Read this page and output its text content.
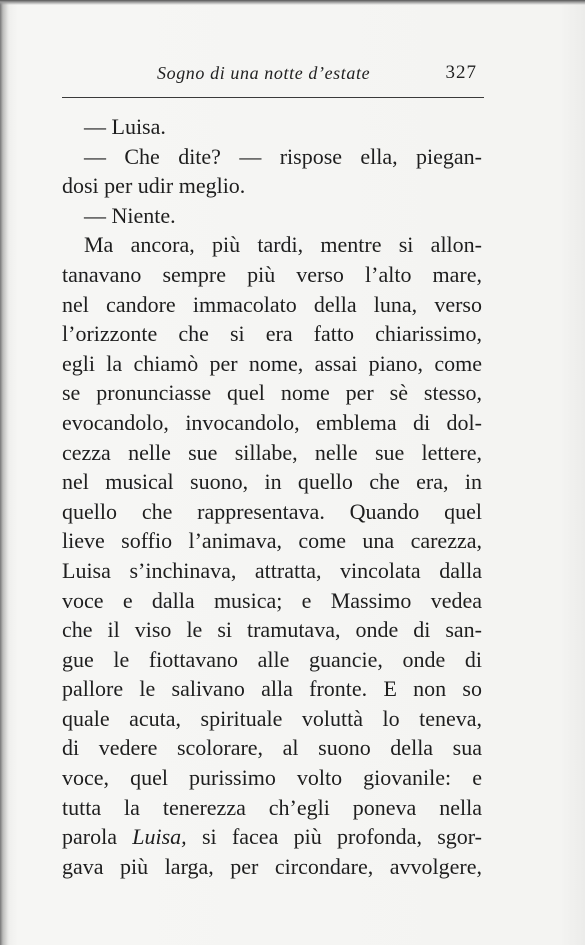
Sogno di una notte d’estate	327
— Luisa.
— Che dite? — rispose ella, piegan-
dosi per udir meglio.
— Niente.
Ma ancora, più tardi, mentre si allon-
tanavano sempre più verso l’alto mare,
nel candore immacolato della luna, verso
l’orizzonte che si era fatto chiarissimo,
egli la chiamò per nome, assai piano, come
se pronunciasse quel nome per sè stesso,
evocandolo, invocandolo, emblema di dol-
cezza nelle sue sillabe, nelle sue lettere,
nel musical suono, in quello che era, in
quello che rappresentava. Quando quel
lieve soffio l’animava, come una carezza,
Luisa s’inchinava, attratta, vincolata dalla
voce e dalla musica; e Massimo vedea
che il viso le si tramutava, onde di san-
gue le fiottavano alle guancie, onde di
pallore le salivano alla fronte. E non so
quale acuta, spirituale voluttà lo teneva,
di vedere scolorare, al suono della sua
voce, quel purissimo volto giovanile: e
tutta la tenerezza ch’egli poneva nella
parola Luisa, si facea più profonda, sgor-
gava più larga, per circondare, avvolgere,
